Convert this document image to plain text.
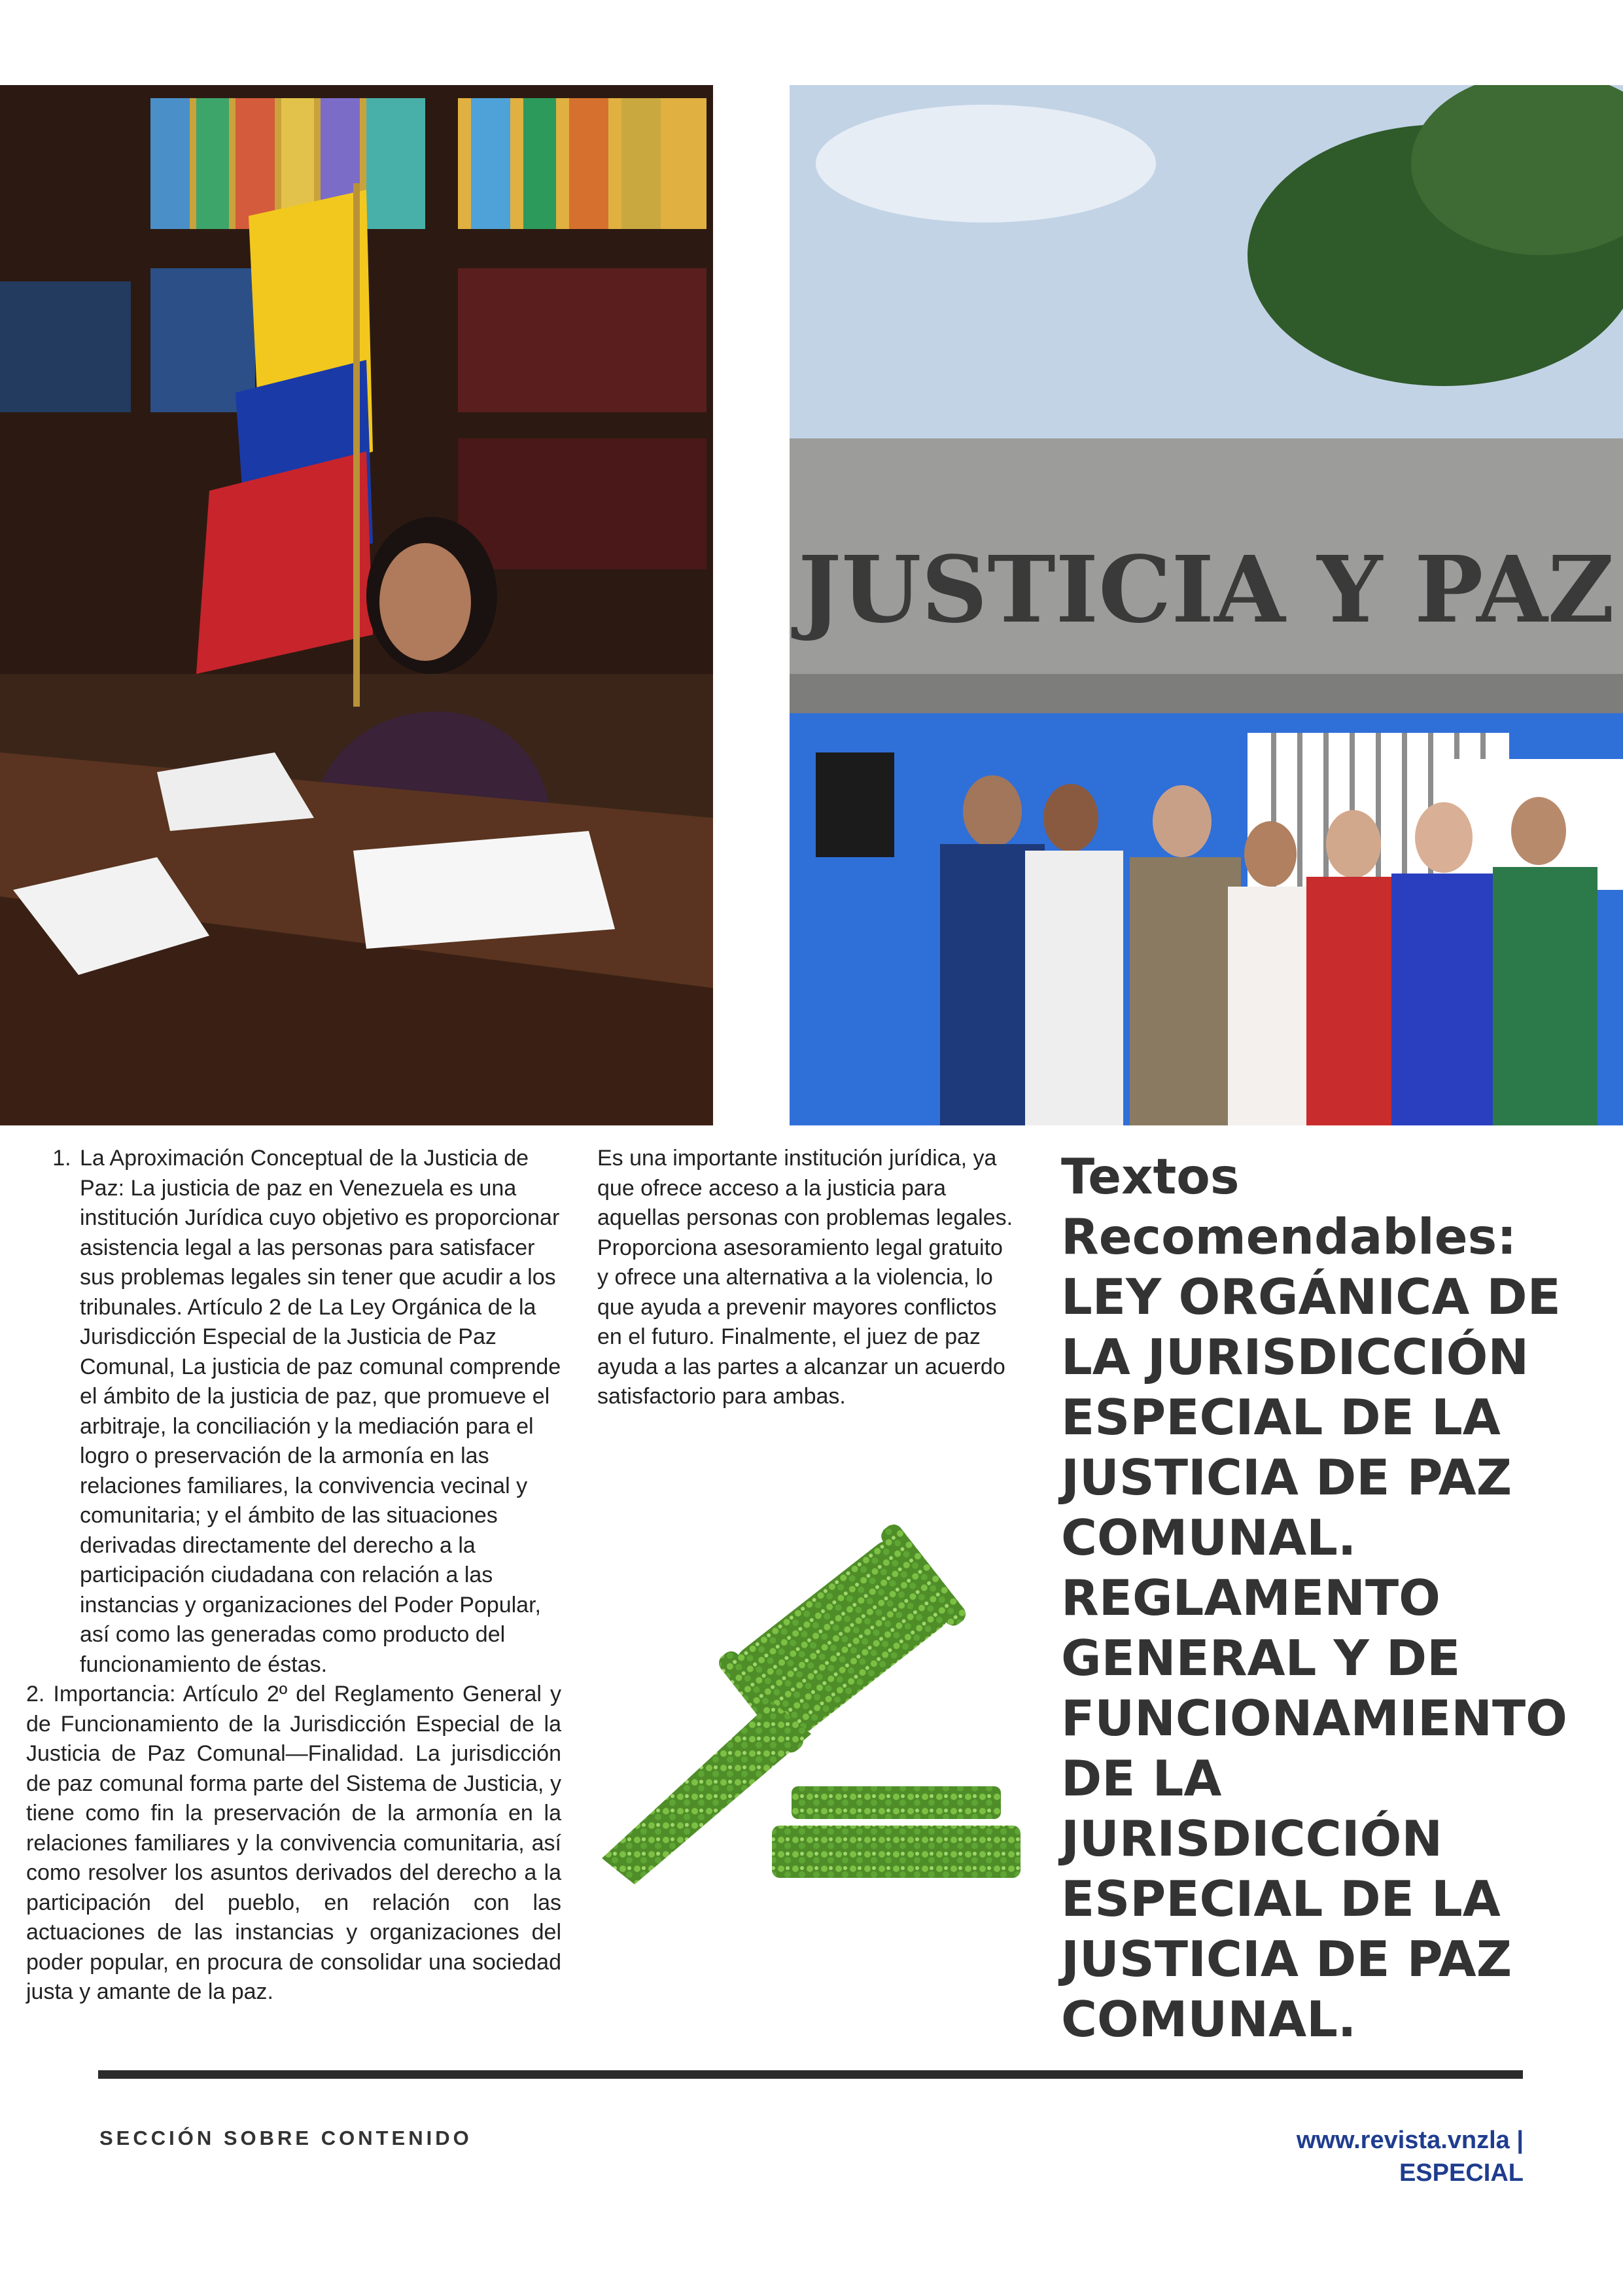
JUSTICIA Y PAZ
1. La Aproximación Conceptual de la Justicia de Paz: La justicia de paz en Venezuela es una institución Jurídica cuyo objetivo es proporcionar asistencia legal a las personas para satisfacer sus problemas legales sin tener que acudir a los tribunales. Artículo 2 de La Ley Orgánica de la Jurisdicción Especial de la Justicia de Paz Comunal, La justicia de paz comunal comprende el ámbito de la justicia de paz, que promueve el arbitraje, la conciliación y la mediación para el logro o preservación de la armonía en las relaciones familiares, la convivencia vecinal y comunitaria; y el ámbito de las situaciones derivadas directamente del derecho a la participación ciudadana con relación a las instancias y organizaciones del Poder Popular, así como las generadas como producto del funcionamiento de éstas.

2. Importancia: Artículo 2º del Reglamento General y de Funcionamiento de la Jurisdicción Especial de la Justicia de Paz Comunal—Finalidad. La jurisdicción de paz comunal forma parte del Sistema de Justicia, y tiene como fin la preservación de la armonía en la relaciones familiares y la convivencia comunitaria, así como resolver los asuntos derivados del derecho a la participación del pueblo, en relación con las actuaciones de las instancias y organizaciones del poder popular, en procura de consolidar una sociedad justa y amante de la paz.

Es una importante institución jurídica, ya que ofrece acceso a la justicia para aquellas personas con problemas legales. Proporciona asesoramiento legal gratuito y ofrece una alternativa a la violencia, lo que ayuda a prevenir mayores conflictos en el futuro. Finalmente, el juez de paz ayuda a las partes a alcanzar un acuerdo satisfactorio para ambas.

Textos Recomendables:
LEY ORGÁNICA DE LA JURISDICCIÓN ESPECIAL DE LA JUSTICIA DE PAZ COMUNAL. REGLAMENTO GENERAL Y DE FUNCIONAMIENTO DE LA JURISDICCIÓN ESPECIAL DE LA JUSTICIA DE PAZ COMUNAL.
SECCIÓN SOBRE CONTENIDO	www.revista.vnzla |
ESPECIAL
